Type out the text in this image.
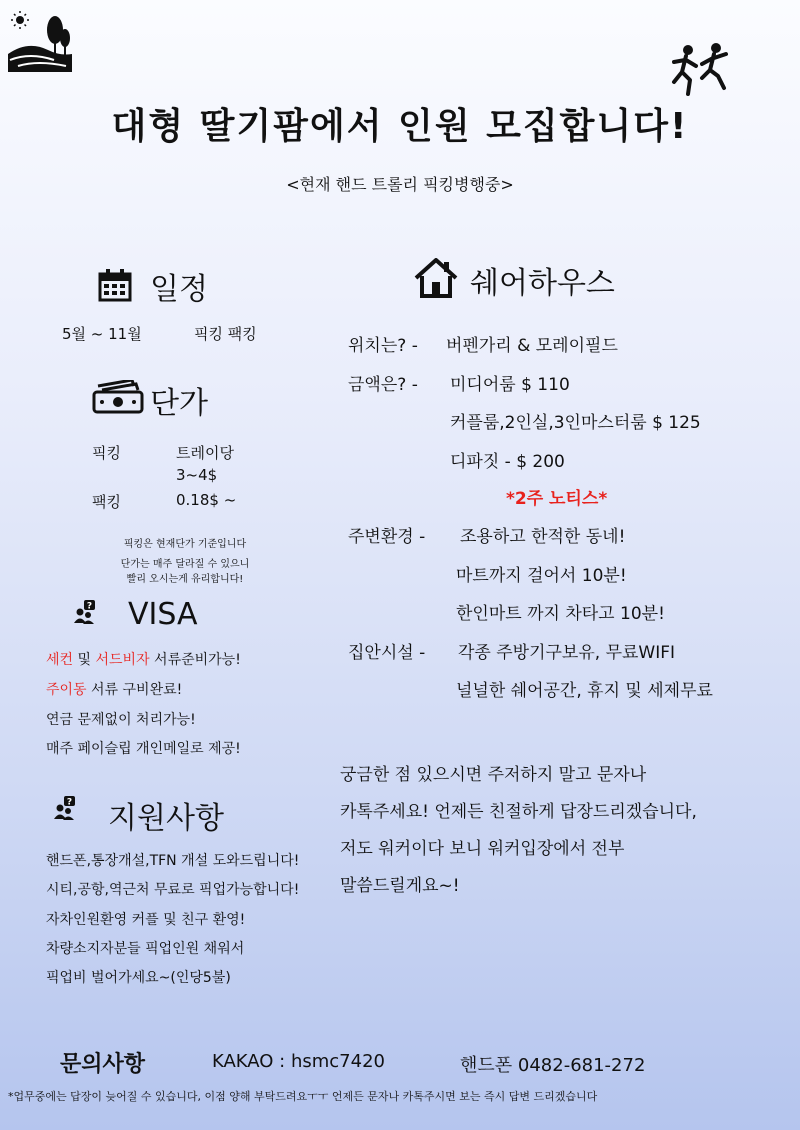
대형 딸기팜에서 인원 모집합니다!
<현재 핸드 트롤리 픽킹병행중>
일정
5월 ~ 11월	픽킹 팩킹
단가
픽킹	트레이당
3~4$
팩킹	0.18$ ~
픽킹은 현재단가 기준입니다
단가는 매주 달라질 수 있으니
빨리 오시는게 유리합니다!
? VISA
세컨 및 서드비자 서류준비가능!
주이동 서류 구비완료!
연금 문제없이 처리가능!
매주 페이슬립 개인메일로 제공!
? 지원사항
핸드폰,통장개설,TFN 개설 도와드립니다!
시티,공항,역근처 무료로 픽업가능합니다!
자차인원환영 커플 및 친구 환영!
차량소지자분들 픽업인원 채워서
픽업비 벌어가세요~(인당5불)
쉐어하우스
위치는? - 버펜가리 & 모레이필드
금액은? - 미디어룸 $ 110
커플룸,2인실,3인마스터룸 $ 125
디파짓 - $ 200
*2주 노티스*
주변환경 - 조용하고 한적한 동네!
마트까지 걸어서 10분!
한인마트 까지 차타고 10분!
집안시설 - 각종 주방기구보유, 무료WIFI
널널한 쉐어공간, 휴지 및 세제무료
궁금한 점 있으시면 주저하지 말고 문자나
카톡주세요! 언제든 친절하게 답장드리겠습니다,
저도 워커이다 보니 워커입장에서 전부
말씀드릴게요~!
문의사항	KAKAO : hsmc7420	핸드폰 0482-681-272
*업무중에는 답장이 늦어질 수 있습니다, 이점 양해 부탁드려요ㅜㅜ 언제든 문자나 카톡주시면 보는 즉시 답변 드리겠습니다
